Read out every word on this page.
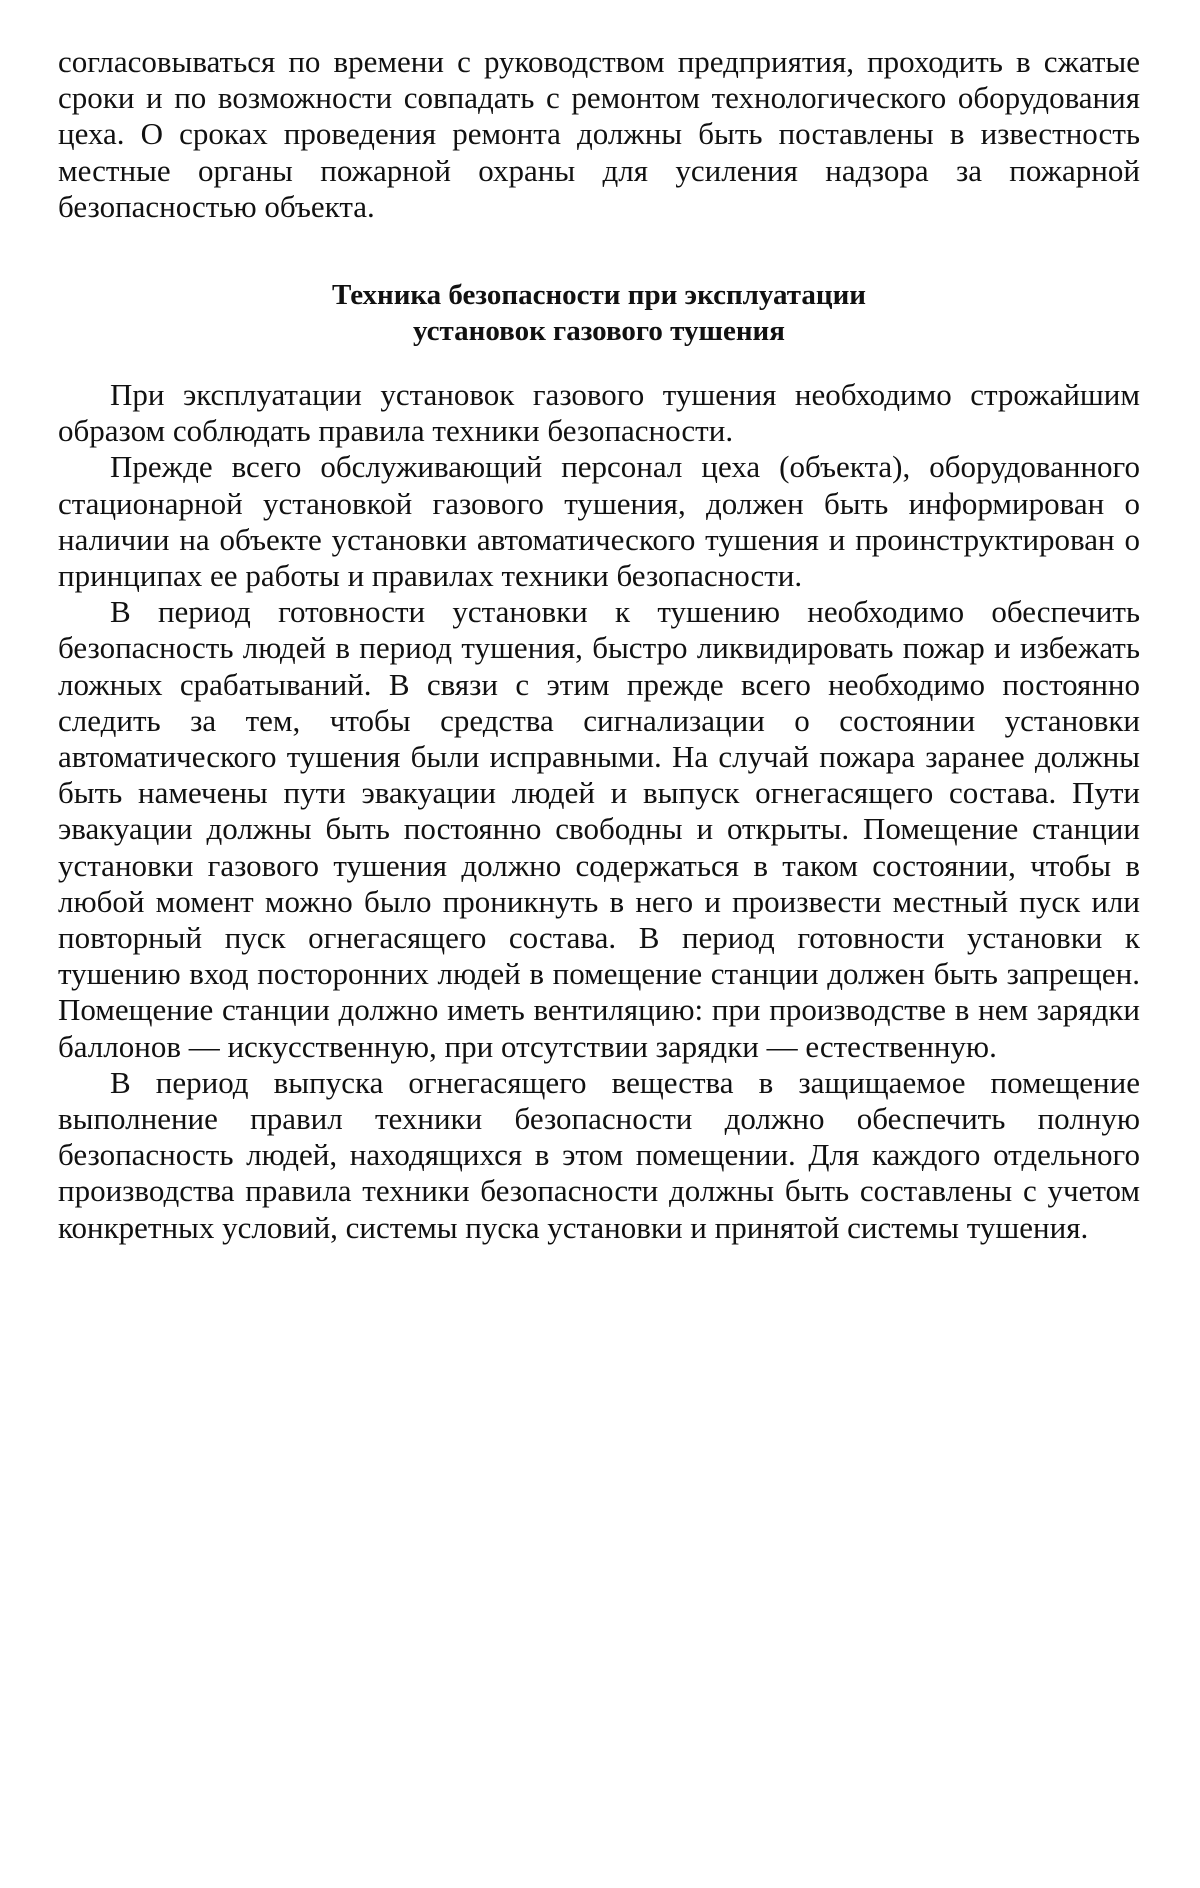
согласовываться по времени с руководством предприятия, проходить в сжатые сроки и по возможности совпадать с ремонтом технологического оборудования цеха. О сроках проведения ремонта должны быть поставлены в известность местные органы пожарной охраны для усиления надзора за пожарной безопасностью объекта.

Техника безопасности при эксплуатации
установок газового тушения

При эксплуатации установок газового тушения необходимо строжайшим образом соблюдать правила техники безопасности.

Прежде всего обслуживающий персонал цеха (объекта), оборудованного стационарной установкой газового тушения, должен быть информирован о наличии на объекте установки автоматического тушения и проинструктирован о принципах ее работы и правилах техники безопасности.

В период готовности установки к тушению необходимо обеспечить безопасность людей в период тушения, быстро ликвидировать пожар и избежать ложных срабатываний. В связи с этим прежде всего необходимо постоянно следить за тем, чтобы средства сигнализации о состоянии установки автоматического тушения были исправными. На случай пожара заранее должны быть намечены пути эвакуации людей и выпуск огнегасящего состава. Пути эвакуации должны быть постоянно свободны и открыты. Помещение станции установки газового тушения должно содержаться в таком состоянии, чтобы в любой момент можно было проникнуть в него и произвести местный пуск или повторный пуск огнегасящего состава. В период готовности установки к тушению вход посторонних людей в помещение станции должен быть запрещен. Помещение станции должно иметь вентиляцию: при производстве в нем зарядки баллонов — искусственную, при отсутствии зарядки — естественную.

В период выпуска огнегасящего вещества в защищаемое помещение выполнение правил техники безопасности должно обеспечить полную безопасность людей, находящихся в этом помещении. Для каждого отдельного производства правила техники безопасности должны быть составлены с учетом конкретных условий, системы пуска установки и принятой системы тушения.
